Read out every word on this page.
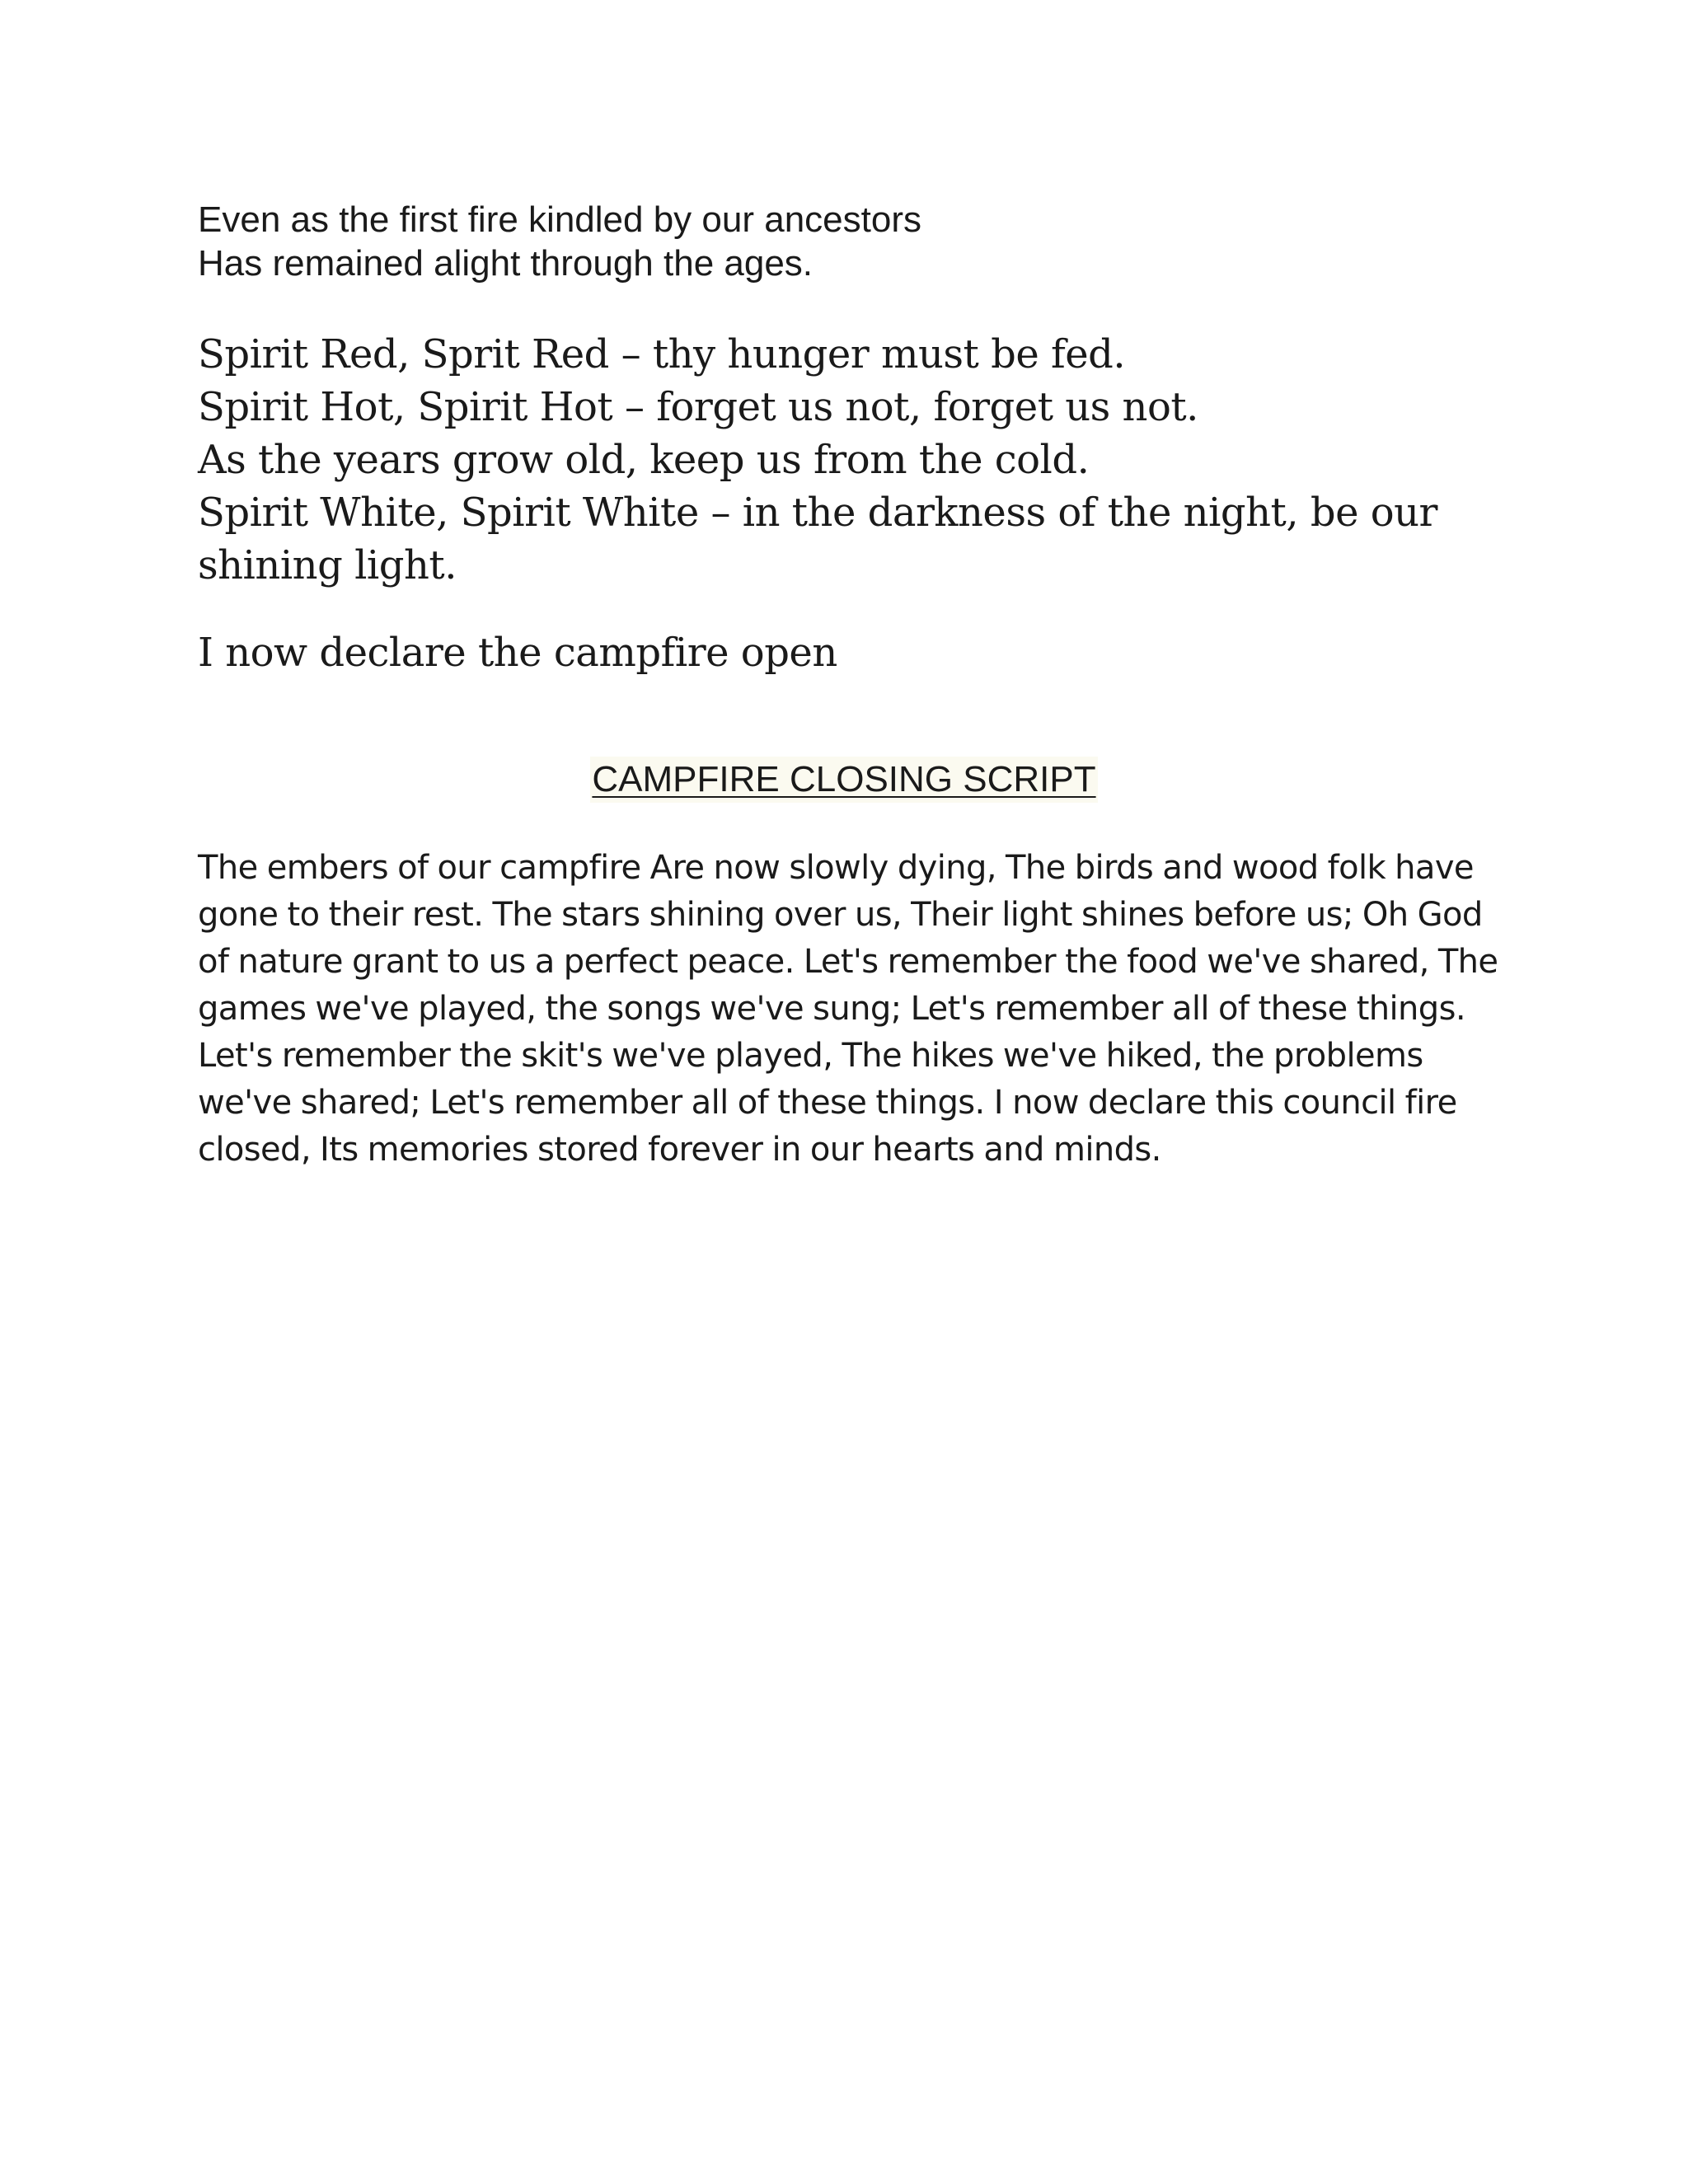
Even as the first fire kindled by our ancestors
Has remained alight through the ages.
Spirit Red, Sprit Red – thy hunger must be fed.
Spirit Hot, Spirit Hot – forget us not, forget us not.
As the years grow old, keep us from the cold.
Spirit White, Spirit White – in the darkness of the night, be our
shining light.
I now declare the campfire open
CAMPFIRE CLOSING SCRIPT
The embers of our campfire Are now slowly dying, The birds and wood folk have
gone to their rest. The stars shining over us, Their light shines before us; Oh God
of nature grant to us a perfect peace. Let's remember the food we've shared, The
games we've played, the songs we've sung; Let's remember all of these things.
Let's remember the skit's we've played, The hikes we've hiked, the problems
we've shared; Let's remember all of these things. I now declare this council fire
closed, Its memories stored forever in our hearts and minds.
